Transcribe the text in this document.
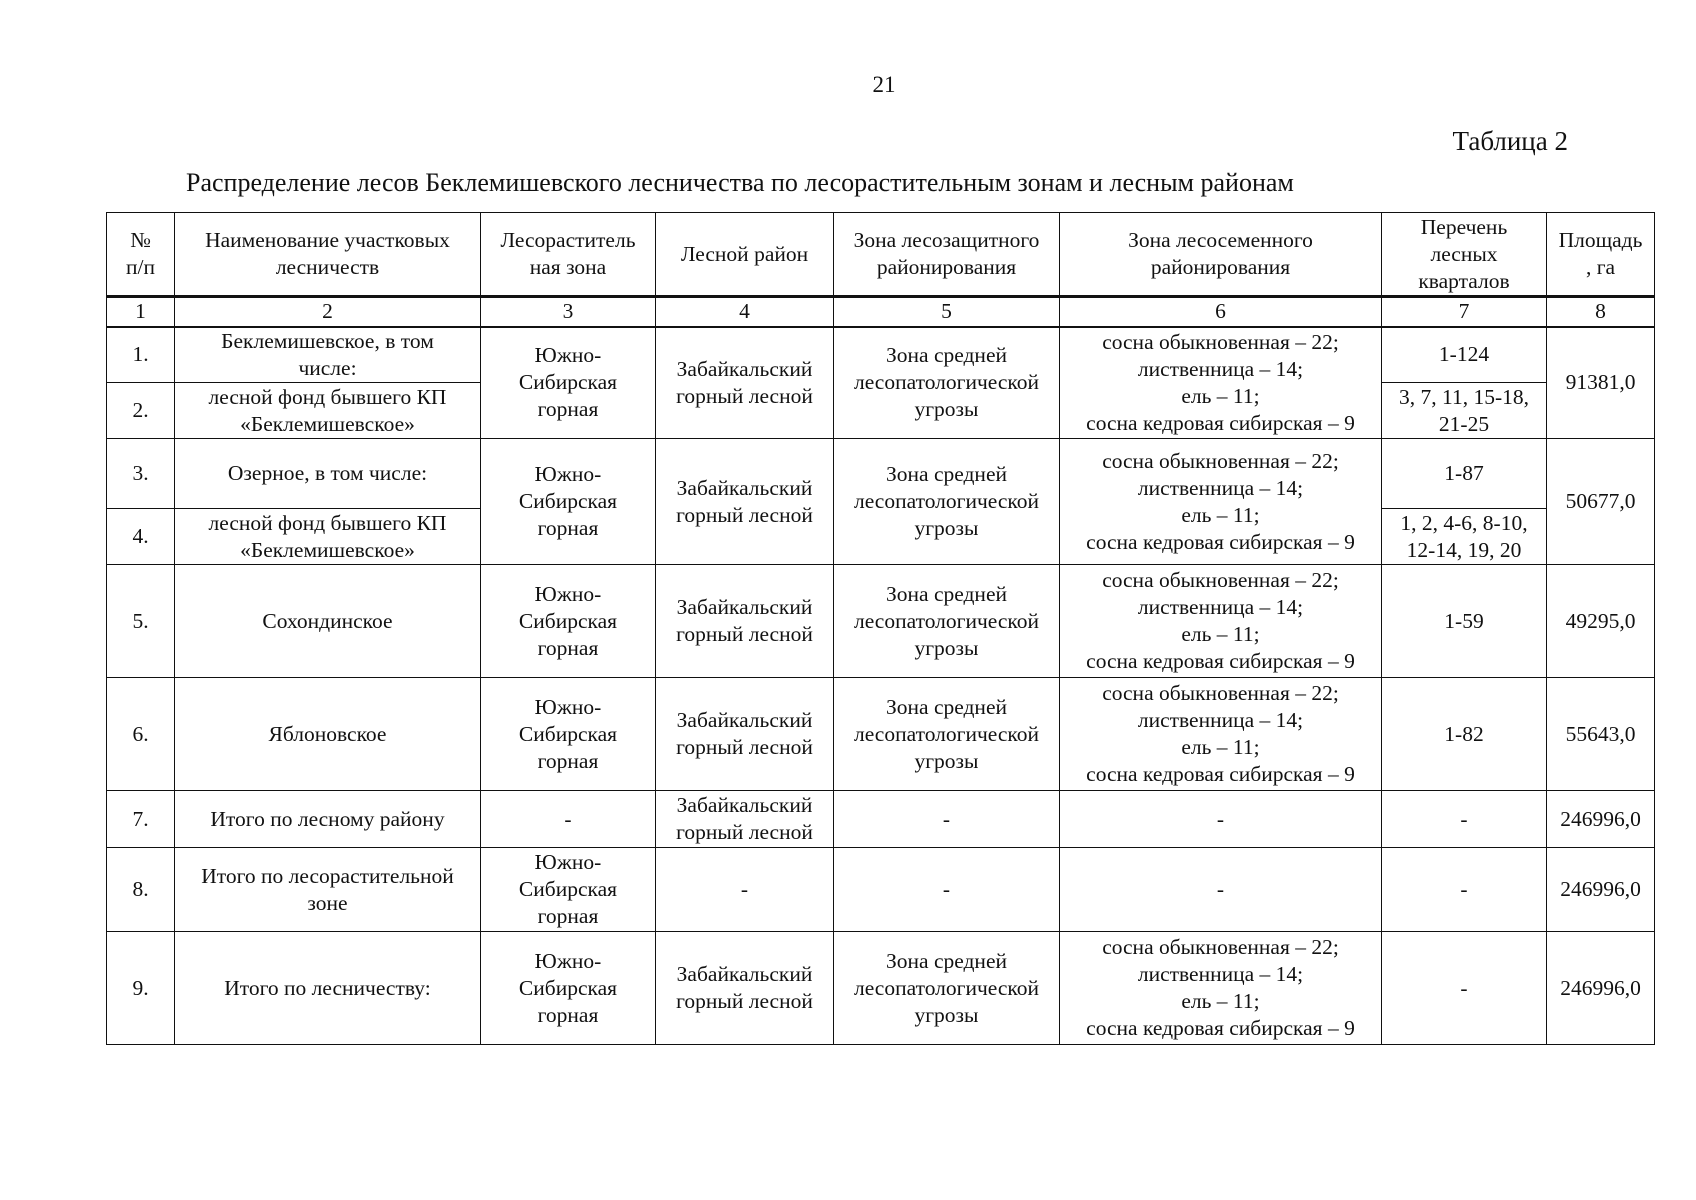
21
Таблица 2
Распределение лесов Беклемишевского лесничества по лесорастительным зонам и лесным районам
№
п/п	Наименование участковых
лесничеств	Лесораститель
ная зона	Лесной район	Зона лесозащитного
районирования	Зона лесосеменного
районирования	Перечень
лесных
кварталов	Площадь
, га
1	2	3	4	5	6	7	8
1.	Беклемишевское, в том
числе:	Южно-
Сибирская
горная	Забайкальский
горный лесной	Зона средней
лесопатологической
угрозы	сосна обыкновенная – 22;
лиственница – 14;
ель – 11;
сосна кедровая сибирская – 9	1-124	91381,0
2.	лесной фонд бывшего КП
«Беклемишевское»					3, 7, 11, 15-18,
21-25	
3.	Озерное, в том числе:	Южно-
Сибирская
горная	Забайкальский
горный лесной	Зона средней
лесопатологической
угрозы	сосна обыкновенная – 22;
лиственница – 14;
ель – 11;
сосна кедровая сибирская – 9	1-87	50677,0
4.	лесной фонд бывшего КП
«Беклемишевское»					1, 2, 4-6, 8-10,
12-14, 19, 20	
5.	Сохондинское	Южно-
Сибирская
горная	Забайкальский
горный лесной	Зона средней
лесопатологической
угрозы	сосна обыкновенная – 22;
лиственница – 14;
ель – 11;
сосна кедровая сибирская – 9	1-59	49295,0
6.	Яблоновское	Южно-
Сибирская
горная	Забайкальский
горный лесной	Зона средней
лесопатологической
угрозы	сосна обыкновенная – 22;
лиственница – 14;
ель – 11;
сосна кедровая сибирская – 9	1-82	55643,0
7.	Итого по лесному району	-	Забайкальский
горный лесной	-	-	-	246996,0
8.	Итого по лесорастительной
зоне	Южно-
Сибирская
горная	-	-	-	-	246996,0
9.	Итого по лесничеству:	Южно-
Сибирская
горная	Забайкальский
горный лесной	Зона средней
лесопатологической
угрозы	сосна обыкновенная – 22;
лиственница – 14;
ель – 11;
сосна кедровая сибирская – 9	-	246996,0
